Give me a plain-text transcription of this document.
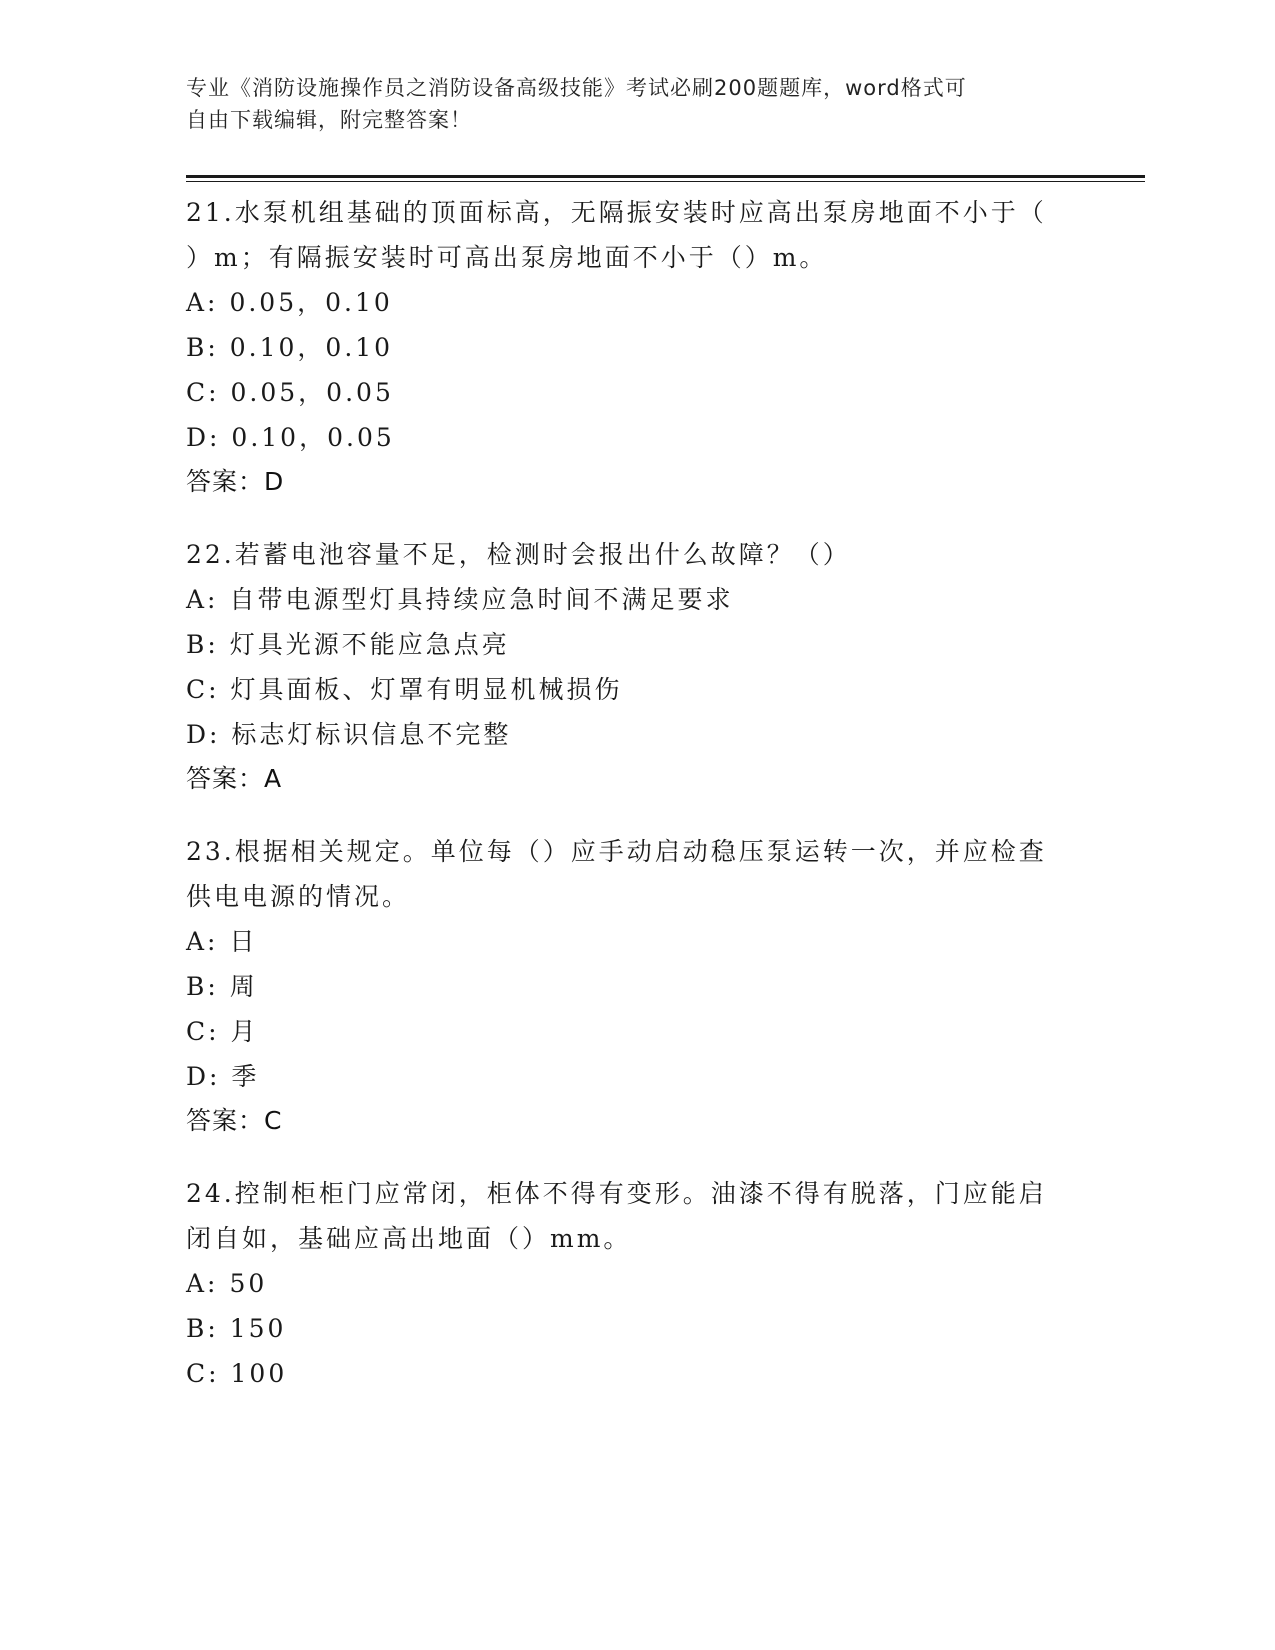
专业《消防设施操作员之消防设备高级技能》考试必刷200题题库，word格式可
自由下载编辑，附完整答案！

21.水泵机组基础的顶面标高，无隔振安装时应高出泵房地面不小于（

）m；有隔振安装时可高出泵房地面不小于（）m。

A: 0.05，0.10

B: 0.10，0.10

C: 0.05，0.05

D: 0.10，0.05

答案：D

22.若蓄电池容量不足，检测时会报出什么故障？（）

A: 自带电源型灯具持续应急时间不满足要求

B: 灯具光源不能应急点亮

C: 灯具面板、灯罩有明显机械损伤

D: 标志灯标识信息不完整

答案：A

23.根据相关规定。单位每（）应手动启动稳压泵运转一次，并应检查

供电电源的情况。

A: 日

B: 周

C: 月

D: 季

答案：C

24.控制柜柜门应常闭，柜体不得有变形。油漆不得有脱落，门应能启

闭自如，基础应高出地面（）mm。

A: 50

B: 150

C: 100
